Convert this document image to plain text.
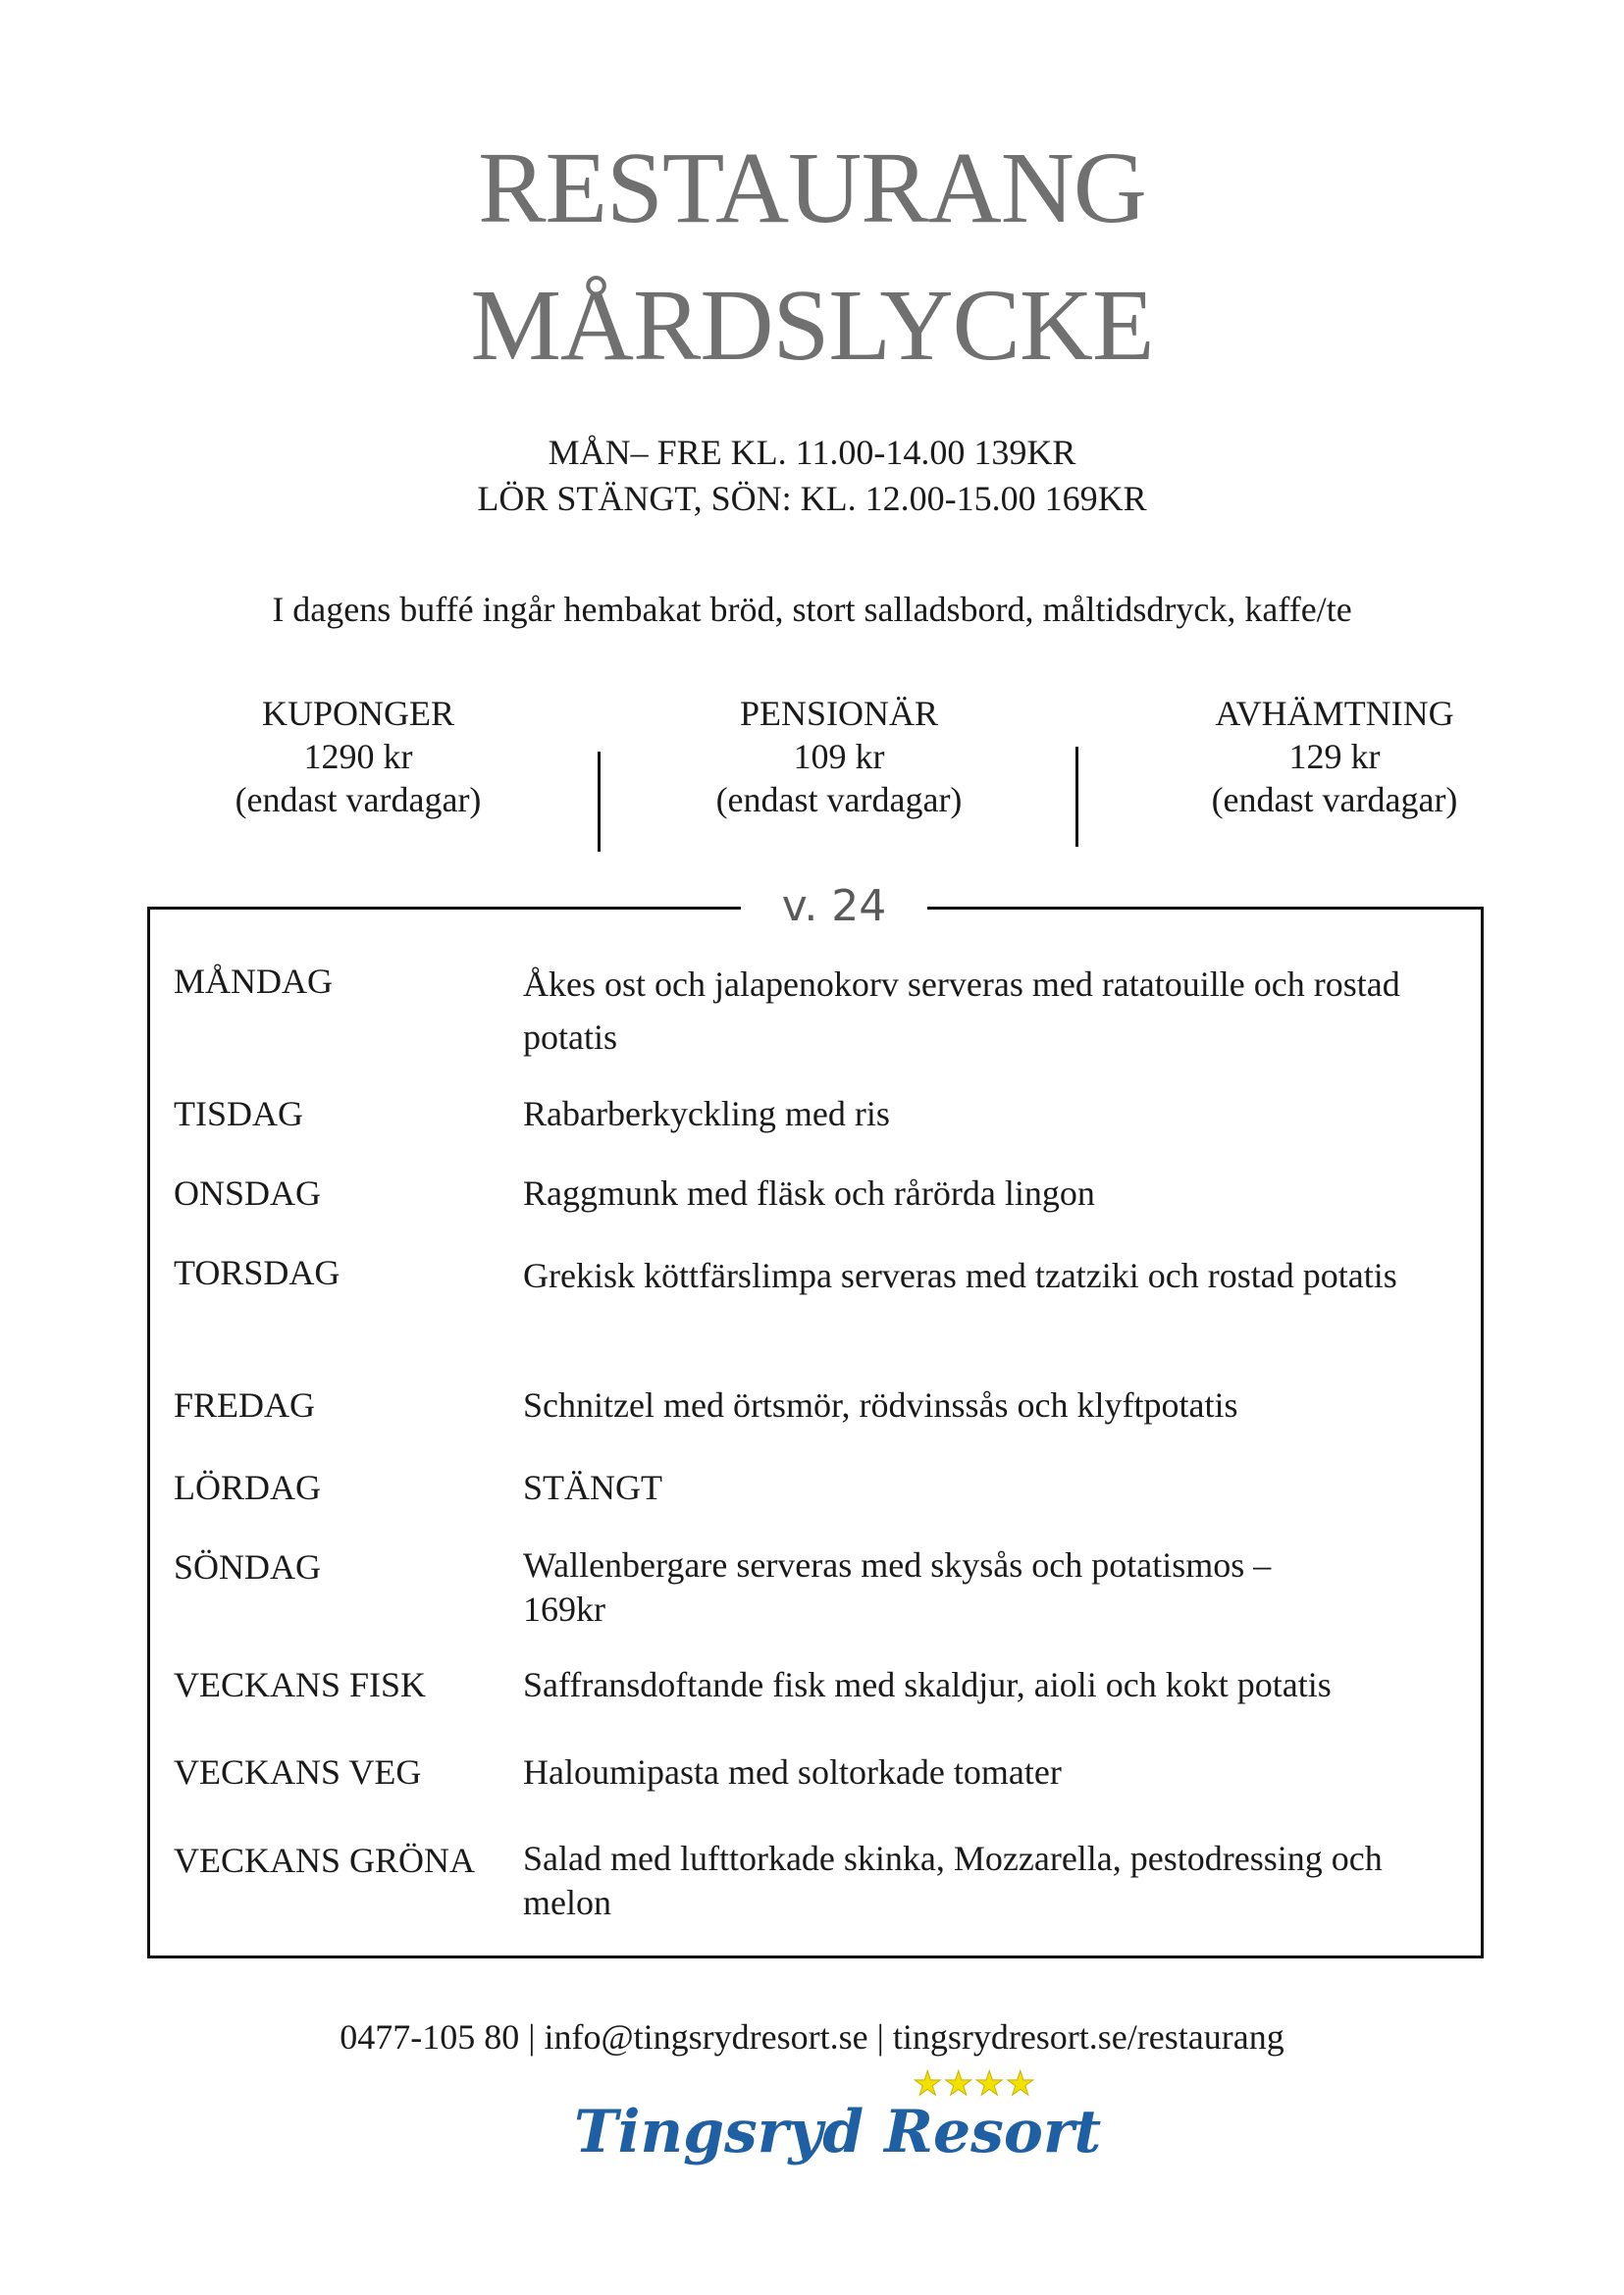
RESTAURANG
MÅRDSLYCKE
MÅN– FRE KL. 11.00-14.00 139KR
LÖR STÄNGT, SÖN: KL. 12.00-15.00 169KR
I dagens buffé ingår hembakat bröd, stort salladsbord, måltidsdryck, kaffe/te
KUPONGER
1290 kr
(endast vardagar)
PENSIONÄR
109 kr
(endast vardagar)
AVHÄMTNING
129 kr
(endast vardagar)
v. 24
MÅNDAG	Åkes ost och jalapenokorv serveras med ratatouille och rostad potatis
TISDAG	Rabarberkyckling med ris
ONSDAG	Raggmunk med fläsk och rårörda lingon
TORSDAG	Grekisk köttfärslimpa serveras med tzatziki och rostad potatis
FREDAG	Schnitzel med örtsmör, rödvinssås och klyftpotatis
LÖRDAG	STÄNGT
SÖNDAG	Wallenbergare serveras med skysås och potatismos – 169kr
VECKANS FISK	Saffransdoftande fisk med skaldjur, aioli och kokt potatis
VECKANS VEG	Haloumipasta med soltorkade tomater
VECKANS GRÖNA	Salad med lufttorkade skinka, Mozzarella, pestodressing och melon
0477-105 80 | info@tingsrydresort.se | tingsrydresort.se/restaurang
★★★★
Tingsryd Resort
